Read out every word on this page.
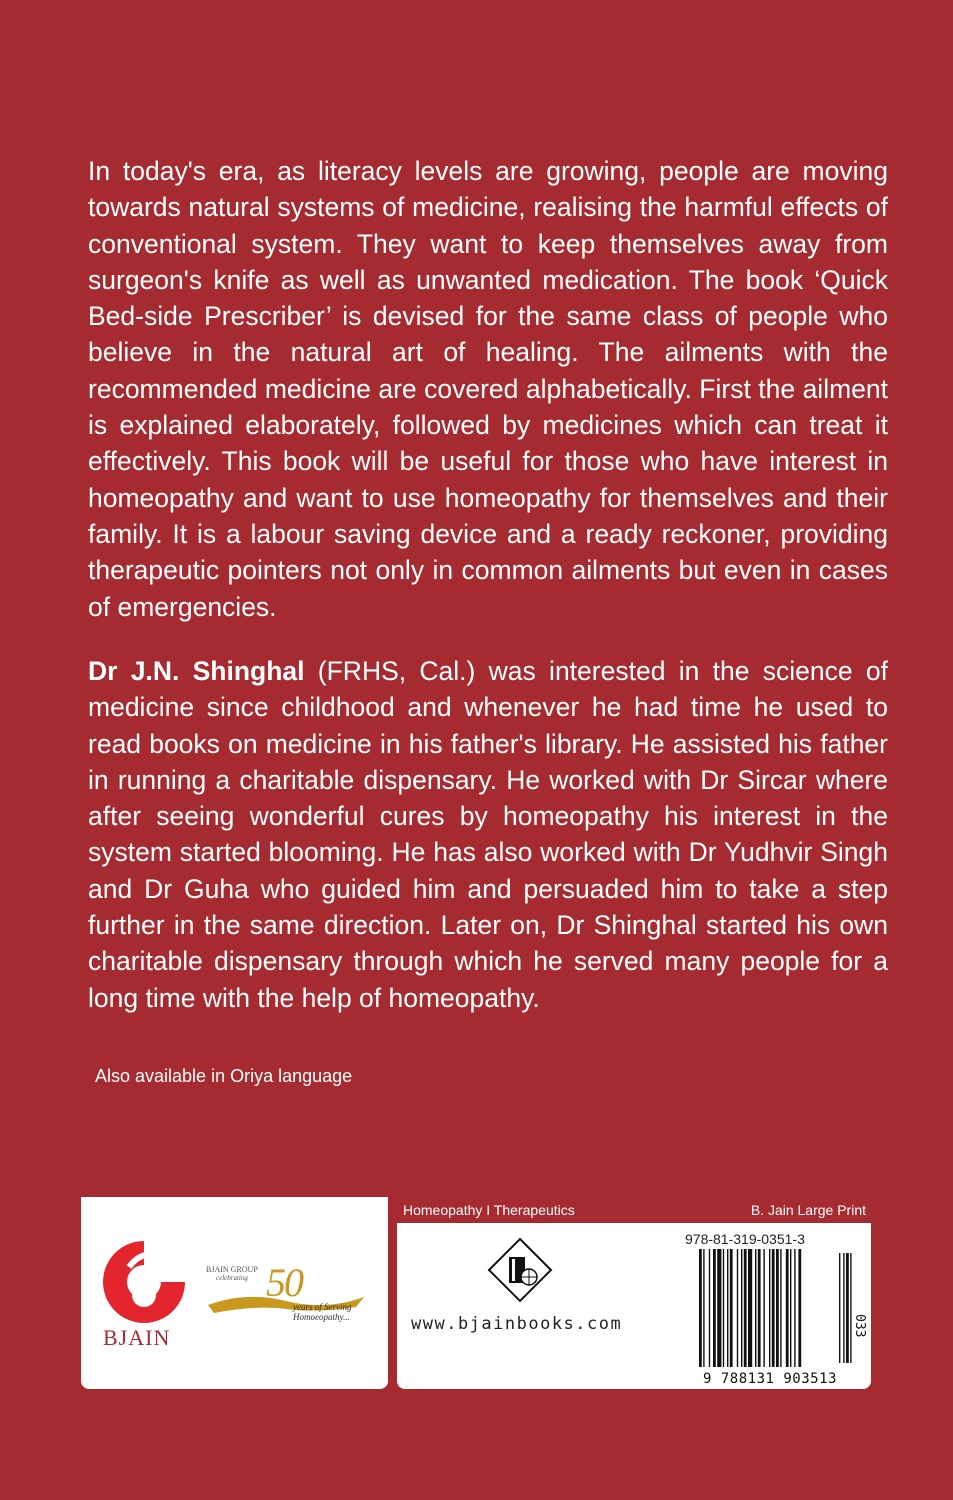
In today's era, as literacy levels are growing, people are moving towards natural systems of medicine, realising the harmful effects of conventional system. They want to keep themselves away from surgeon's knife as well as unwanted medication. The book ‘Quick Bed-side Prescriber’ is devised for the same class of people who believe in the natural art of healing. The ailments with the recommended medicine are covered alphabetically. First the ailment is explained elaborately, followed by medicines which can treat it effectively. This book will be useful for those who have interest in homeopathy and want to use homeopathy for themselves and their family. It is a labour saving device and a ready reckoner, providing therapeutic pointers not only in common ailments but even in cases of emergencies.

Dr J.N. Shinghal (FRHS, Cal.) was interested in the science of medicine since childhood and whenever he had time he used to read books on medicine in his father's library. He assisted his father in running a charitable dispensary. He worked with Dr Sircar where after seeing wonderful cures by homeopathy his interest in the system started blooming. He has also worked with Dr Yudhvir Singh and Dr Guha who guided him and persuaded him to take a step further in the same direction. Later on, Dr Shinghal started his own charitable dispensary through which he served many people for a long time with the help of homeopathy.

Also available in Oriya language
BJAIN
BJAIN GROUP
celebrating 50
years of Serving
Homoeopathy...
Homeopathy I Therapeutics	B. Jain Large Print
www.bjainbooks.com
978-81-319-0351-3
9 788131 903513
033
